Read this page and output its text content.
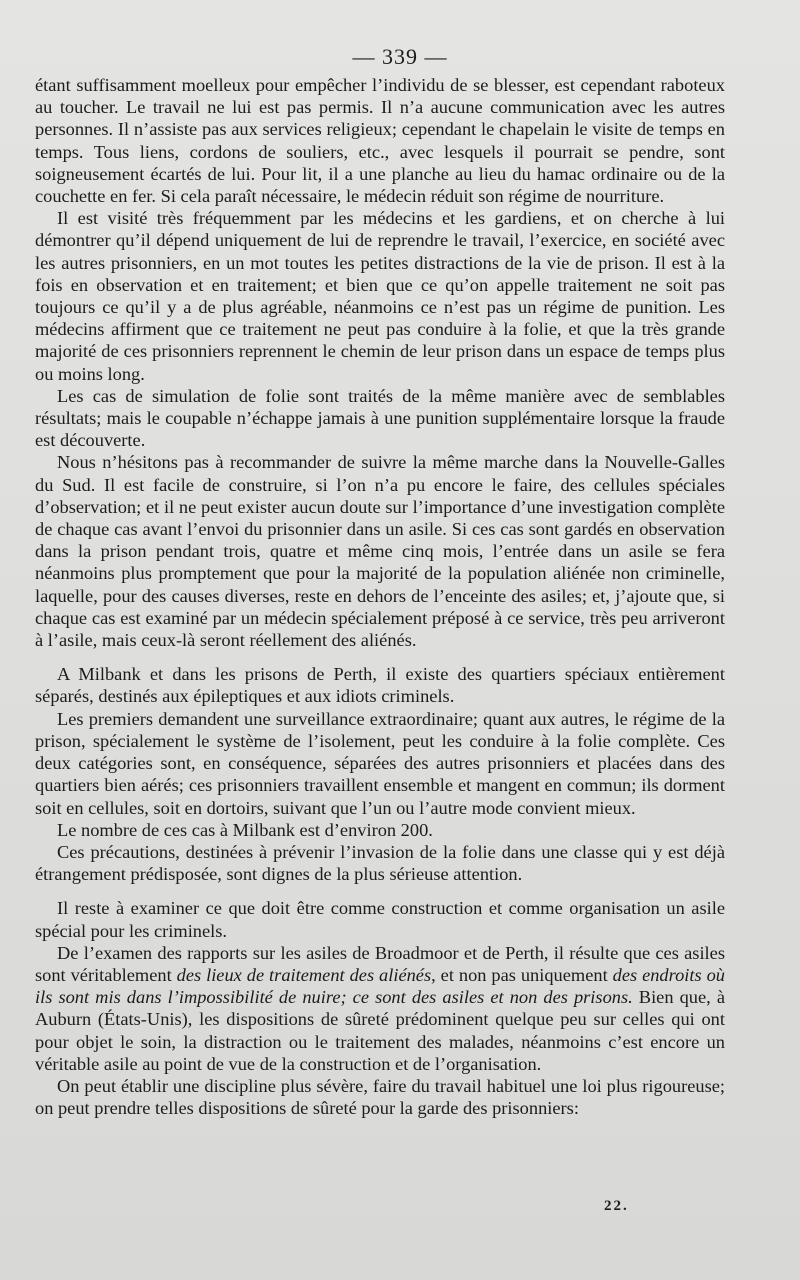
— 339 —

étant suffisamment moelleux pour empêcher l’individu de se blesser, est cependant raboteux au toucher. Le travail ne lui est pas permis. Il n’a aucune communication avec les autres personnes. Il n’assiste pas aux services religieux; cependant le chapelain le visite de temps en temps. Tous liens, cordons de souliers, etc., avec lesquels il pourrait se pendre, sont soigneusement écartés de lui. Pour lit, il a une planche au lieu du hamac ordinaire ou de la couchette en fer. Si cela paraît nécessaire, le médecin réduit son régime de nourriture.

Il est visité très fréquemment par les médecins et les gardiens, et on cherche à lui démontrer qu’il dépend uniquement de lui de reprendre le travail, l’exercice, en société avec les autres prisonniers, en un mot toutes les petites distractions de la vie de prison. Il est à la fois en observation et en traitement; et bien que ce qu’on appelle traitement ne soit pas toujours ce qu’il y a de plus agréable, néanmoins ce n’est pas un régime de punition. Les médecins affirment que ce traitement ne peut pas conduire à la folie, et que la très grande majorité de ces prisonniers reprennent le chemin de leur prison dans un espace de temps plus ou moins long.

Les cas de simulation de folie sont traités de la même manière avec de semblables résultats; mais le coupable n’échappe jamais à une punition supplémentaire lorsque la fraude est découverte.

Nous n’hésitons pas à recommander de suivre la même marche dans la Nouvelle-Galles du Sud. Il est facile de construire, si l’on n’a pu encore le faire, des cellules spéciales d’observation; et il ne peut exister aucun doute sur l’importance d’une investigation complète de chaque cas avant l’envoi du prisonnier dans un asile. Si ces cas sont gardés en observation dans la prison pendant trois, quatre et même cinq mois, l’entrée dans un asile se fera néanmoins plus promptement que pour la majorité de la population aliénée non criminelle, laquelle, pour des causes diverses, reste en dehors de l’enceinte des asiles; et, j’ajoute que, si chaque cas est examiné par un médecin spécialement préposé à ce service, très peu arriveront à l’asile, mais ceux-là seront réellement des aliénés.

A Milbank et dans les prisons de Perth, il existe des quartiers spéciaux entièrement séparés, destinés aux épileptiques et aux idiots criminels.

Les premiers demandent une surveillance extraordinaire; quant aux autres, le régime de la prison, spécialement le système de l’isolement, peut les conduire à la folie complète. Ces deux catégories sont, en conséquence, séparées des autres prisonniers et placées dans des quartiers bien aérés; ces prisonniers travaillent ensemble et mangent en commun; ils dorment soit en cellules, soit en dortoirs, suivant que l’un ou l’autre mode convient mieux.

Le nombre de ces cas à Milbank est d’environ 200.

Ces précautions, destinées à prévenir l’invasion de la folie dans une classe qui y est déjà étrangement prédisposée, sont dignes de la plus sérieuse attention.

Il reste à examiner ce que doit être comme construction et comme organisation un asile spécial pour les criminels.

De l’examen des rapports sur les asiles de Broadmoor et de Perth, il résulte que ces asiles sont véritablement des lieux de traitement des aliénés, et non pas uniquement des endroits où ils sont mis dans l’impossibilité de nuire; ce sont des asiles et non des prisons. Bien que, à Auburn (États-Unis), les dispositions de sûreté prédominent quelque peu sur celles qui ont pour objet le soin, la distraction ou le traitement des malades, néanmoins c’est encore un véritable asile au point de vue de la construction et de l’organisation.

On peut établir une discipline plus sévère, faire du travail habituel une loi plus rigoureuse; on peut prendre telles dispositions de sûreté pour la garde des prisonniers:

22.
